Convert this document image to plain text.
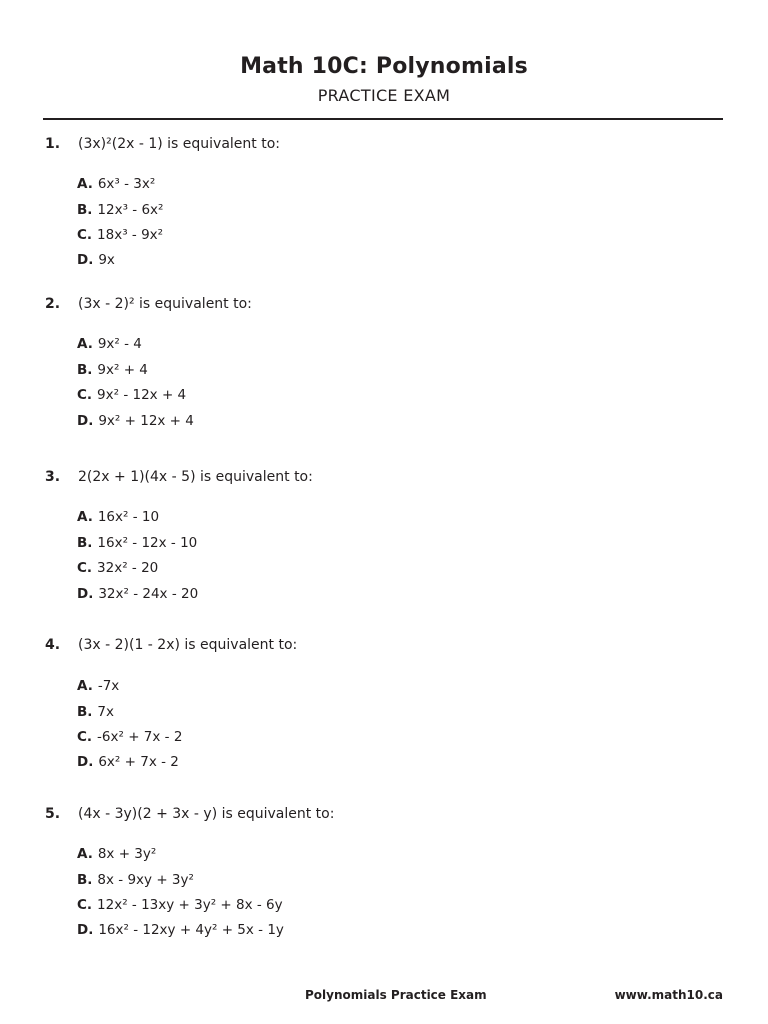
Math 10C: Polynomials
PRACTICE EXAM
1. (3x)²(2x - 1) is equivalent to:
A. 6x³ - 3x²
B. 12x³ - 6x²
C. 18x³ - 9x²
D. 9x
2. (3x - 2)² is equivalent to:
A. 9x² - 4
B. 9x² + 4
C. 9x² - 12x + 4
D. 9x² + 12x + 4
3. 2(2x + 1)(4x - 5) is equivalent to:
A. 16x² - 10
B. 16x² - 12x - 10
C. 32x² - 20
D. 32x² - 24x - 20
4. (3x - 2)(1 - 2x) is equivalent to:
A. -7x
B. 7x
C. -6x² + 7x - 2
D. 6x² + 7x - 2
5. (4x - 3y)(2 + 3x - y) is equivalent to:
A. 8x + 3y²
B. 8x - 9xy + 3y²
C. 12x² - 13xy + 3y² + 8x - 6y
D. 16x² - 12xy + 4y² + 5x - 1y
Polynomials Practice Exam	www.math10.ca
